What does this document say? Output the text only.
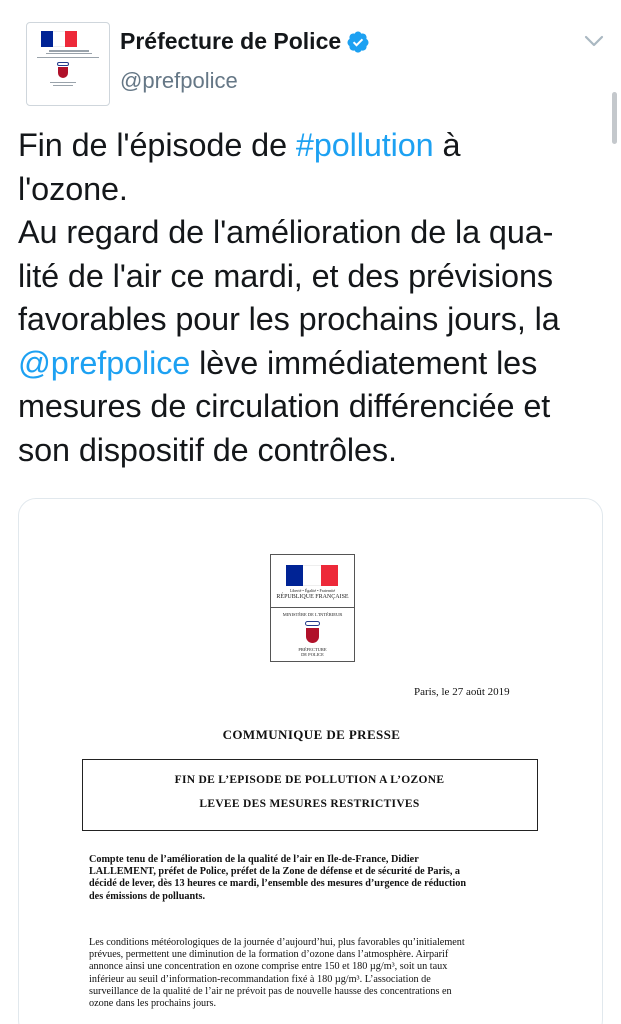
Préfecture de Police
@prefpolice
Fin de l'épisode de #pollution à
l'ozone.
Au regard de l'amélioration de la qua-
lité de l'air ce mardi, et des prévisions
favorables pour les prochains jours, la
@prefpolice lève immédiatement les
mesures de circulation différenciée et
son dispositif de contrôles.
Liberté • Égalité • Fraternité
RÉPUBLIQUE FRANÇAISE
MINISTÈRE DE L'INTÉRIEUR
PRÉFECTURE
DE POLICE
Paris, le 27 août 2019
COMMUNIQUE DE PRESSE
FIN DE L’EPISODE DE POLLUTION A L’OZONE
LEVEE DES MESURES RESTRICTIVES
Compte tenu de l’amélioration de la qualité de l’air en Île-de-France, Didier
LALLEMENT, préfet de Police, préfet de la Zone de défense et de sécurité de Paris, a
décidé de lever, dès 13 heures ce mardi, l’ensemble des mesures d’urgence de réduction
des émissions de polluants.
Les conditions météorologiques de la journée d’aujourd’hui, plus favorables qu’initialement
prévues, permettent une diminution de la formation d’ozone dans l’atmosphère. Airparif
annonce ainsi une concentration en ozone comprise entre 150 et 180 µg/m³, soit un taux
inférieur au seuil d’information-recommandation fixé à 180 µg/m³. L’association de
surveillance de la qualité de l’air ne prévoit pas de nouvelle hausse des concentrations en
ozone dans les prochains jours.
